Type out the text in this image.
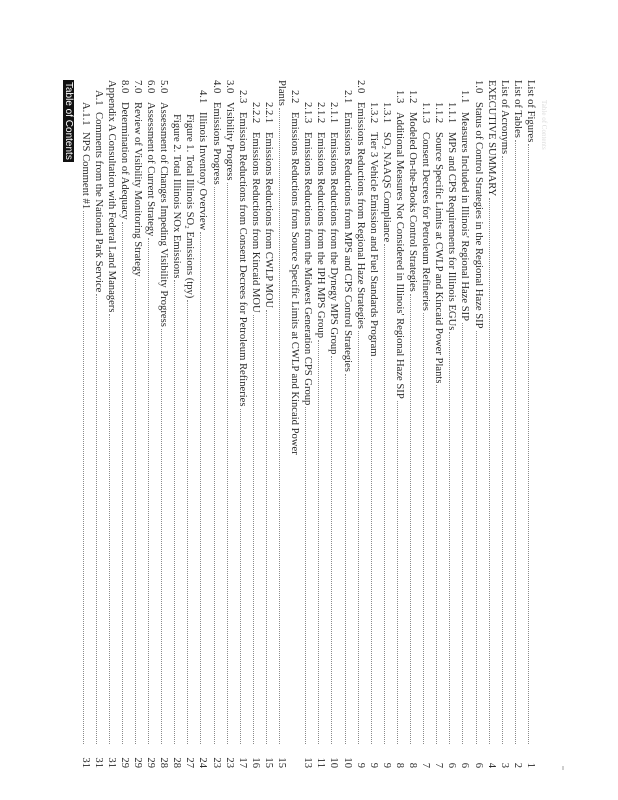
Table of Contents
Table of Contents	List of Figures
1
List of Tables
2
List of Acronyms
3
EXECUTIVE SUMMARY
4
1.0
Status of Control Strategies in the Regional Haze SIP
6
1.1
Measures Included in Illinois' Regional Haze SIP
6
1.1.1
MPS and CPS Requirements for Illinois EGUs
6
1.1.2
Source Specific Limits at CWLP and Kincaid Power Plants
7
1.1.3
Consent Decrees for Petroleum Refineries
7
1.2
Modeled On-the-Books Control Strategies
8
1.3
Additional Measures Not Considered in Illinois' Regional Haze SIP
8
1.3.1
SO₂ NAAQS Compliance
9
1.3.2
Tier 3 Vehicle Emission and Fuel Standards Program
9
2.0
Emissions Reductions from Regional Haze Strategies
9
2.1
Emissions Reductions from MPS and CPS Control Strategies
10
2.1.1
Emissions Reductions from the Dynegy MPS Group
10
2.1.2
Emissions Reductions from the IPH MPS Group
11
2.1.3
Emissions Reductions from the Midwest Generation CPS Group
13
2.2
Emissions Reductions from Source Specific Limits at CWLP and Kincaid Power
Plants
15
2.2.1
Emissions Reductions from CWLP MOU
15
2.2.2
Emissions Reductions from Kincaid MOU
16
2.3
Emission Reductions from Consent Decrees for Petroleum Refineries
17
3.0
Visibility Progress
23
4.0
Emissions Progress
23
4.1
Illinois Inventory Overview
24
Figure 1. Total Illinois SO₂ Emissions (tpy)
27
Figure 2. Total Illinois NOx Emissions
28
5.0
Assessment of Changes Impeding Visibility Progress
28
6.0
Assessment of Current Strategy
29
7.0
Review of Visibility Monitoring Strategy
29
8.0
Determination of Adequacy
29
Appendix A Consultation with Federal Land Managers
31
A.1
Comments from the National Park Service
31
A.1.1
NPS Comment #1
31
